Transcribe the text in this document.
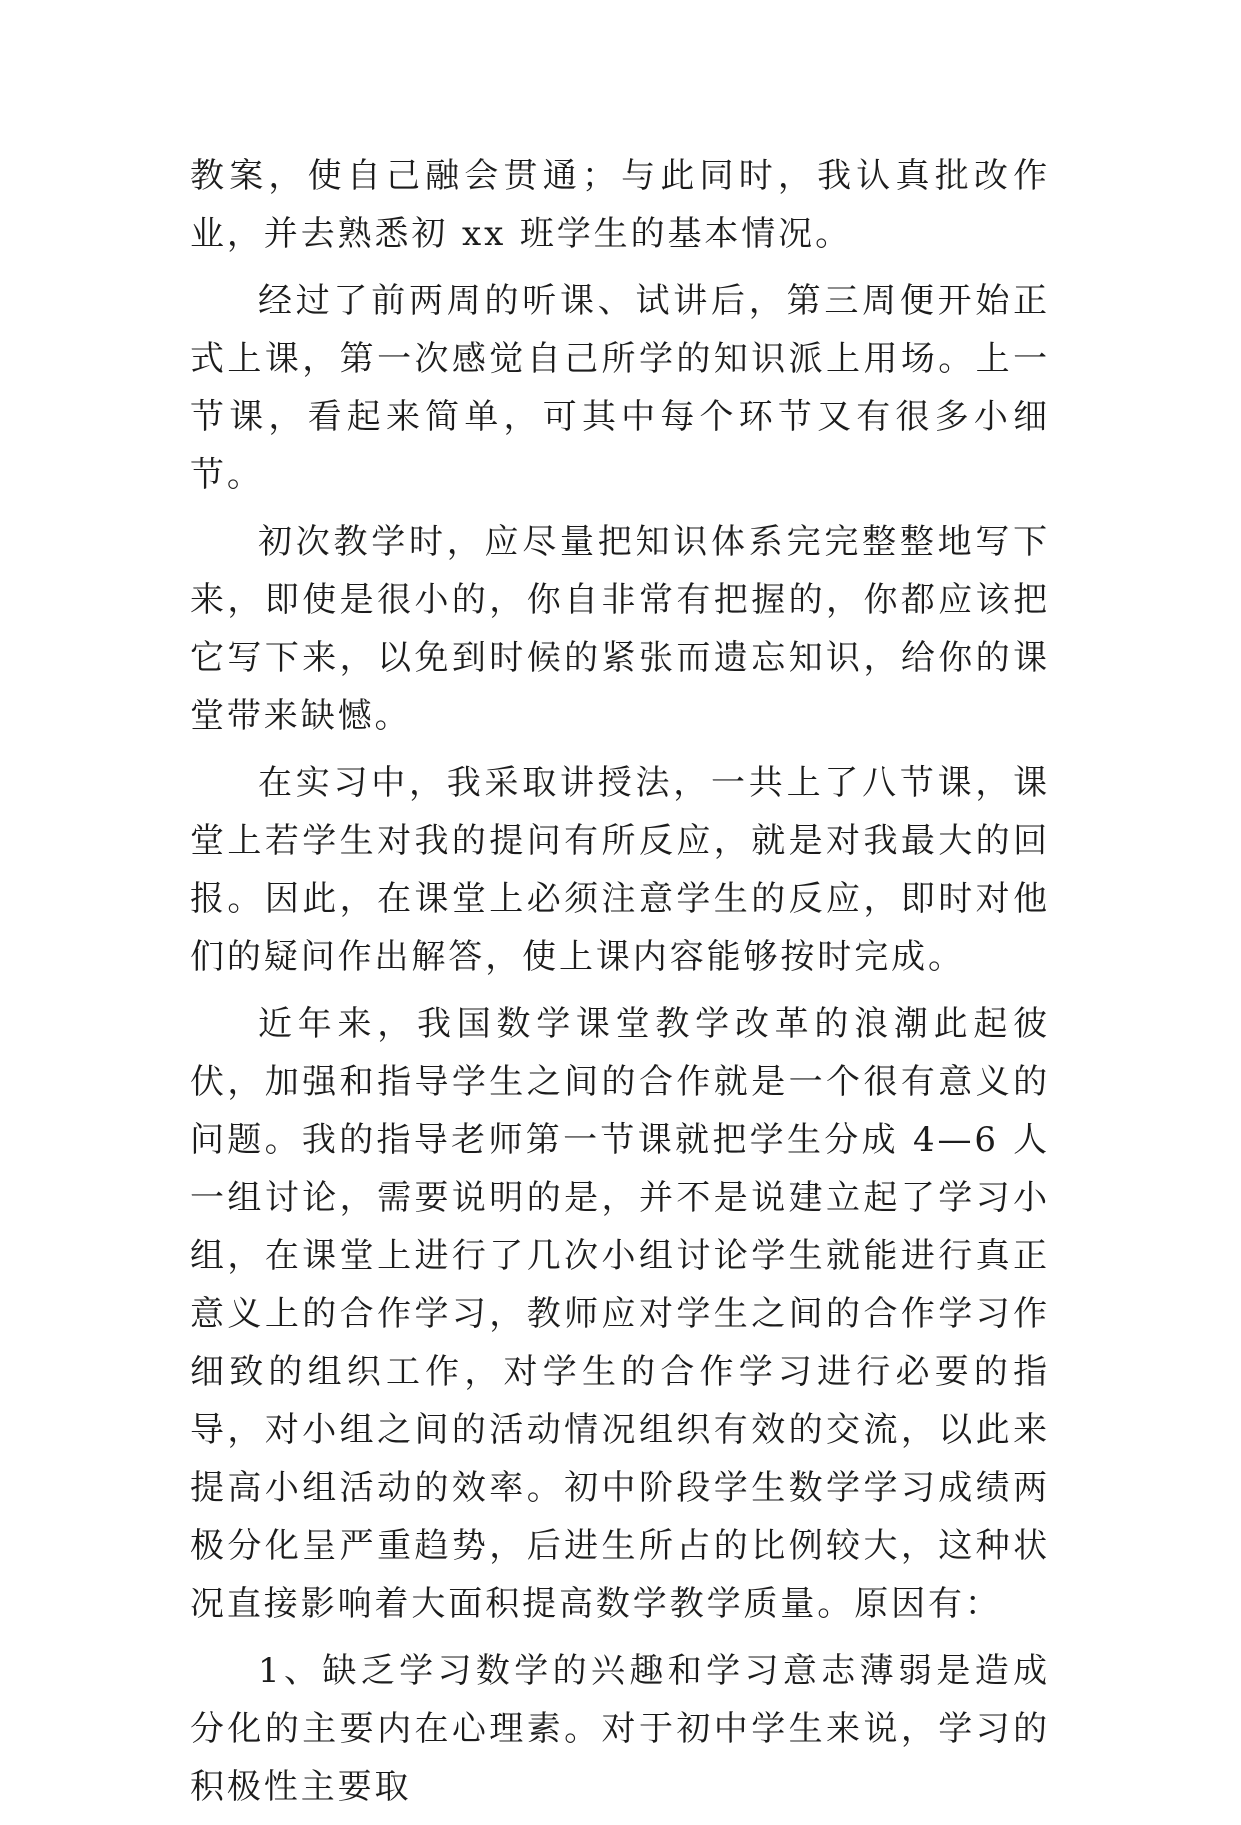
教案，使自己融会贯通；与此同时，我认真批改作业，并去熟悉初 xx 班学生的基本情况。

经过了前两周的听课、试讲后，第三周便开始正式上课，第一次感觉自己所学的知识派上用场。上一节课，看起来简单，可其中每个环节又有很多小细节。

初次教学时，应尽量把知识体系完完整整地写下来，即使是很小的，你自非常有把握的，你都应该把它写下来，以免到时候的紧张而遗忘知识，给你的课堂带来缺憾。

在实习中，我采取讲授法，一共上了八节课，课堂上若学生对我的提问有所反应，就是对我最大的回报。因此，在课堂上必须注意学生的反应，即时对他们的疑问作出解答，使上课内容能够按时完成。

近年来，我国数学课堂教学改革的浪潮此起彼伏，加强和指导学生之间的合作就是一个很有意义的问题。我的指导老师第一节课就把学生分成 4—6 人一组讨论，需要说明的是，并不是说建立起了学习小组，在课堂上进行了几次小组讨论学生就能进行真正意义上的合作学习，教师应对学生之间的合作学习作细致的组织工作，对学生的合作学习进行必要的指导，对小组之间的活动情况组织有效的交流，以此来提高小组活动的效率。初中阶段学生数学学习成绩两极分化呈严重趋势，后进生所占的比例较大，这种状况直接影响着大面积提高数学教学质量。原因有：

1、缺乏学习数学的兴趣和学习意志薄弱是造成分化的主要内在心理素。对于初中学生来说，学习的积极性主要取
